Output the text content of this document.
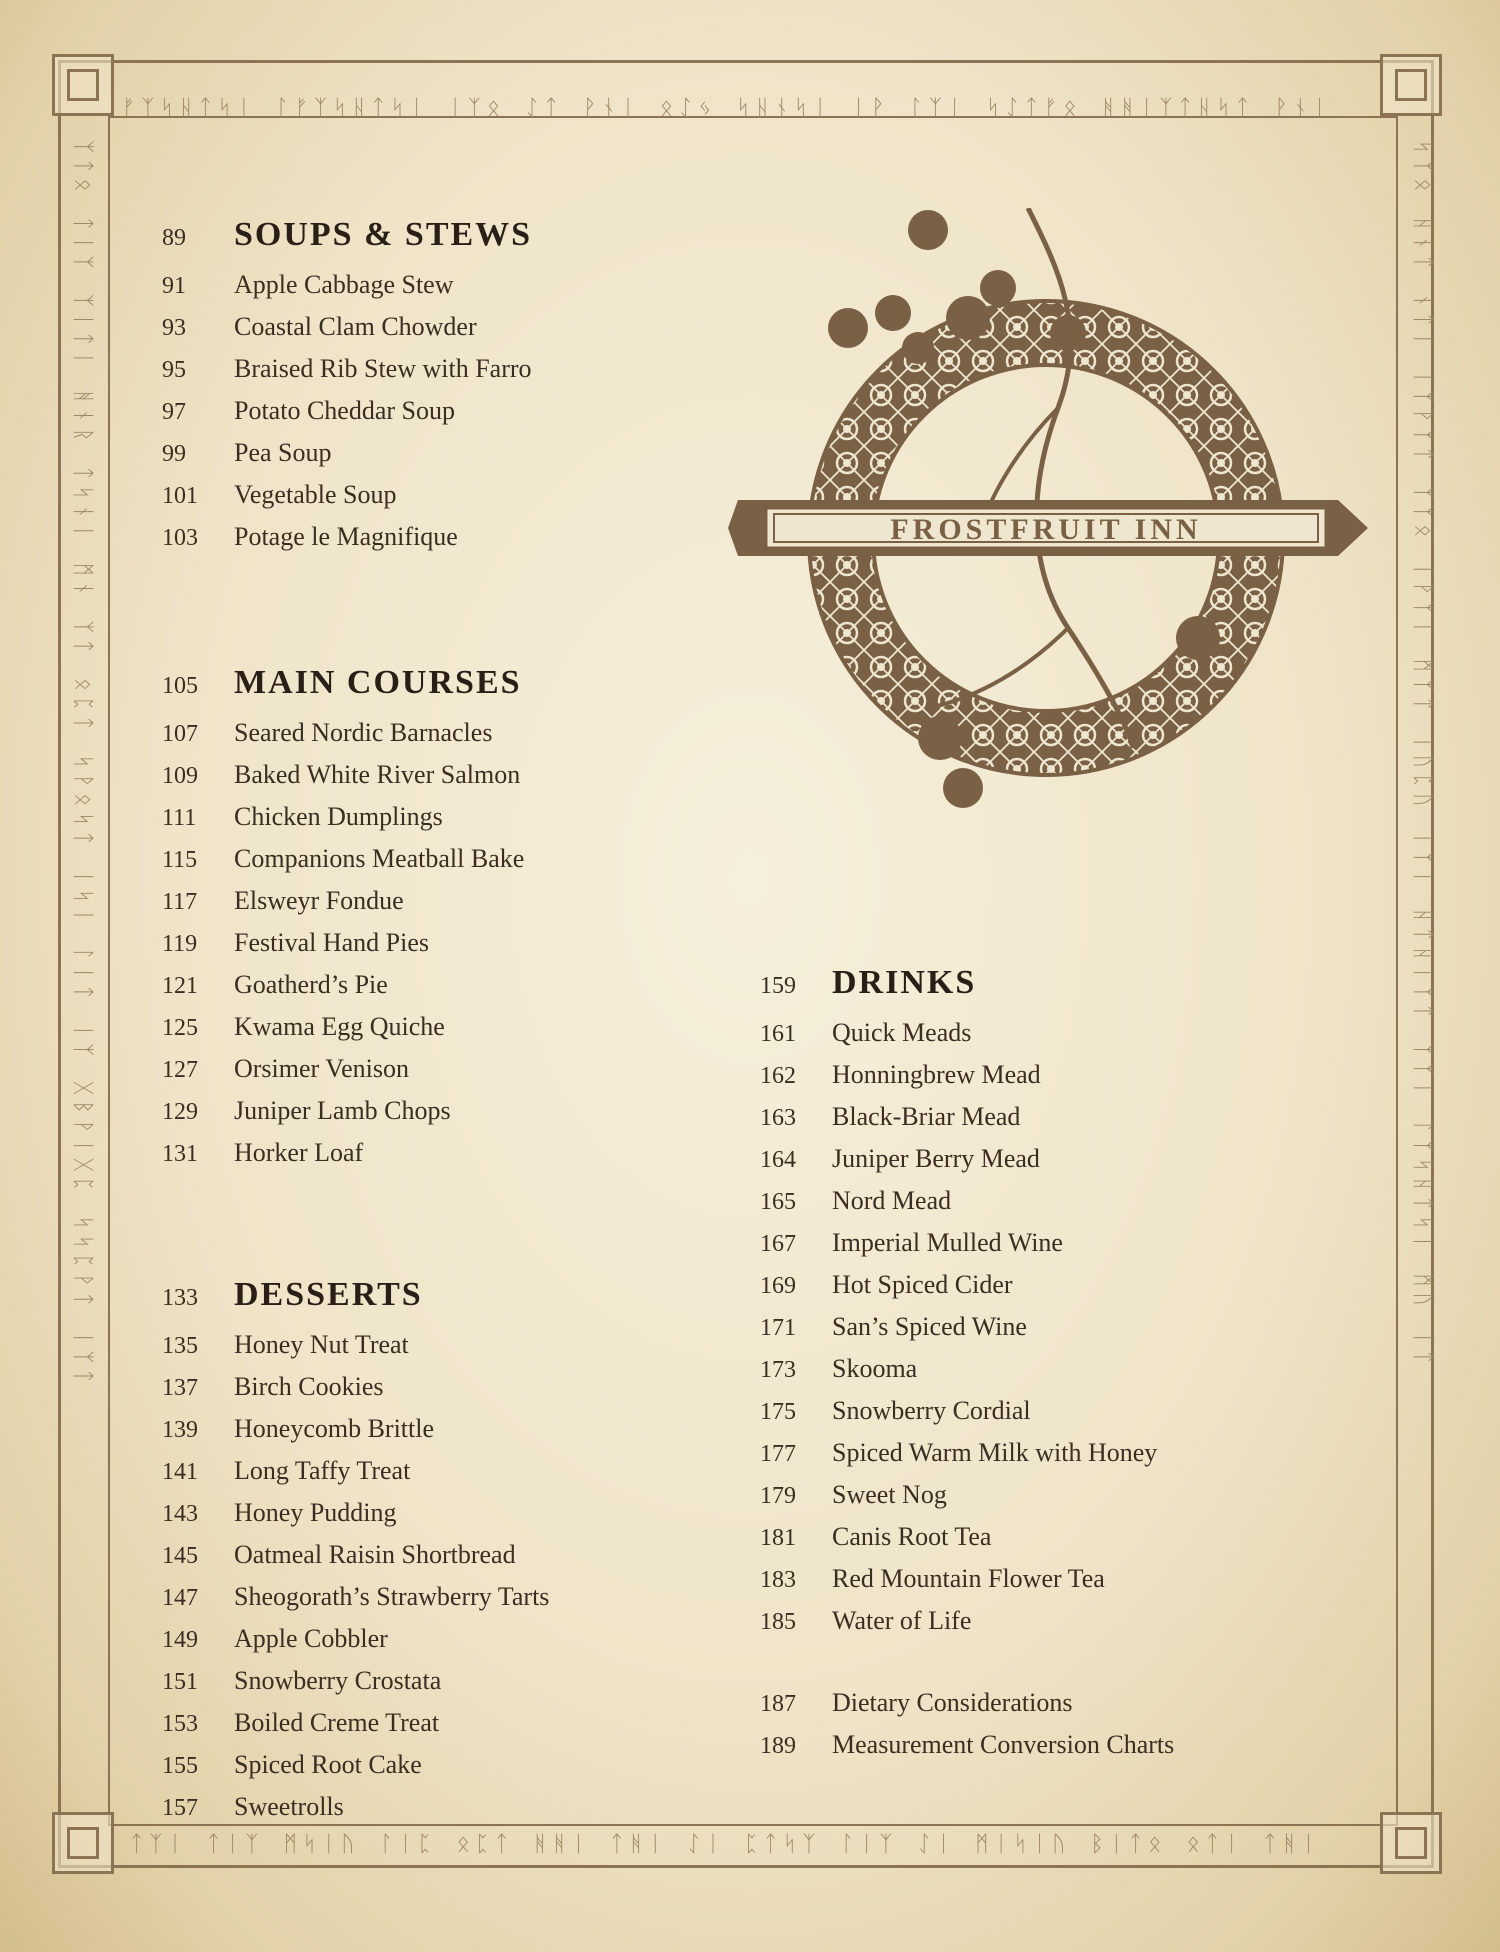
ᚠᛉᛋᚺᛏᛋᛁ ᛚᚠᛉᛋᚺᛏᛋᛁ ᛁᛉᛟ ᛇᛏ ᚹᚾᛁ ᛟᛇᛃ ᛋᚺᚾᛋᛁ ᛁᚹ ᛚᛉᛁ ᛋᛇᛏᚠᛟ ᚻᚻᛁᛉᛏᚺᛋᛏ ᚹᚾᛁ
ᛏᛉᛁ ᛏᛁᛉ ᛗᛋᛁᚢ ᛚᛁᛈ ᛟᛈᛏ ᚻᚻᛁ ᛏᚻᛁ ᛇᛁ ᛈᛏᛋᛉ ᛚᛁᛉ ᛇᛁ ᛗᛁᛋᛁᚢ ᛒᛁᛏᛟ ᛟᛏᛁ ᛏᚻᛁ
ᛉᛏᛟ ᛏᛁᛉ ᛉᛁᛏᛁ ᚻᚾᚱ ᛏᛋᚾᛁ ᛗᚾ ᛉᛏ ᛟᛈᛏ ᛋᚹᛟᛋᛏ ᛁᛋᛁ ᛚᛁᛏ ᛁᛉ ᚷᛒᚹᛁᚷᛈ ᛋᛋᛈᚹᛏ ᛁᛉᛏ	ᛋᛉᛟ ᚺᚾᛏ ᚾᛏᛁ ᛁᛉᚹᛉᛏ ᛉᛉᛟ ᛁᚹᛉᛁ ᛗᛉᛏ ᛁᚢᛈᚢ ᛁᛉᛁ ᚺᛏᚺᛁᛉᛏ ᛉᛉᛁ ᛚᛉᛋᚺᛏᛋᛁ ᛗᚢ ᛁᛏ
89	SOUPS & STEWS
91	Apple Cabbage Stew
93	Coastal Clam Chowder
95	Braised Rib Stew with Farro
97	Potato Cheddar Soup
99	Pea Soup
101	Vegetable Soup
103	Potage le Magnifique
105	MAIN COURSES
107	Seared Nordic Barnacles
109	Baked White River Salmon
111	Chicken Dumplings
115	Companions Meatball Bake
117	Elsweyr Fondue
119	Festival Hand Pies
121	Goatherd’s Pie
125	Kwama Egg Quiche
127	Orsimer Venison
129	Juniper Lamb Chops
131	Horker Loaf
133	DESSERTS
135	Honey Nut Treat
137	Birch Cookies
139	Honeycomb Brittle
141	Long Taffy Treat
143	Honey Pudding
145	Oatmeal Raisin Shortbread
147	Sheogorath’s Strawberry Tarts
149	Apple Cobbler
151	Snowberry Crostata
153	Boiled Creme Treat
155	Spiced Root Cake
157	Sweetrolls
FROSTFRUIT INN
159	DRINKS
161	Quick Meads
162	Honningbrew Mead
163	Black-Briar Mead
164	Juniper Berry Mead
165	Nord Mead
167	Imperial Mulled Wine
169	Hot Spiced Cider
171	San’s Spiced Wine
173	Skooma
175	Snowberry Cordial
177	Spiced Warm Milk with Honey
179	Sweet Nog
181	Canis Root Tea
183	Red Mountain Flower Tea
185	Water of Life
187	Dietary Considerations
189	Measurement Conversion Charts
